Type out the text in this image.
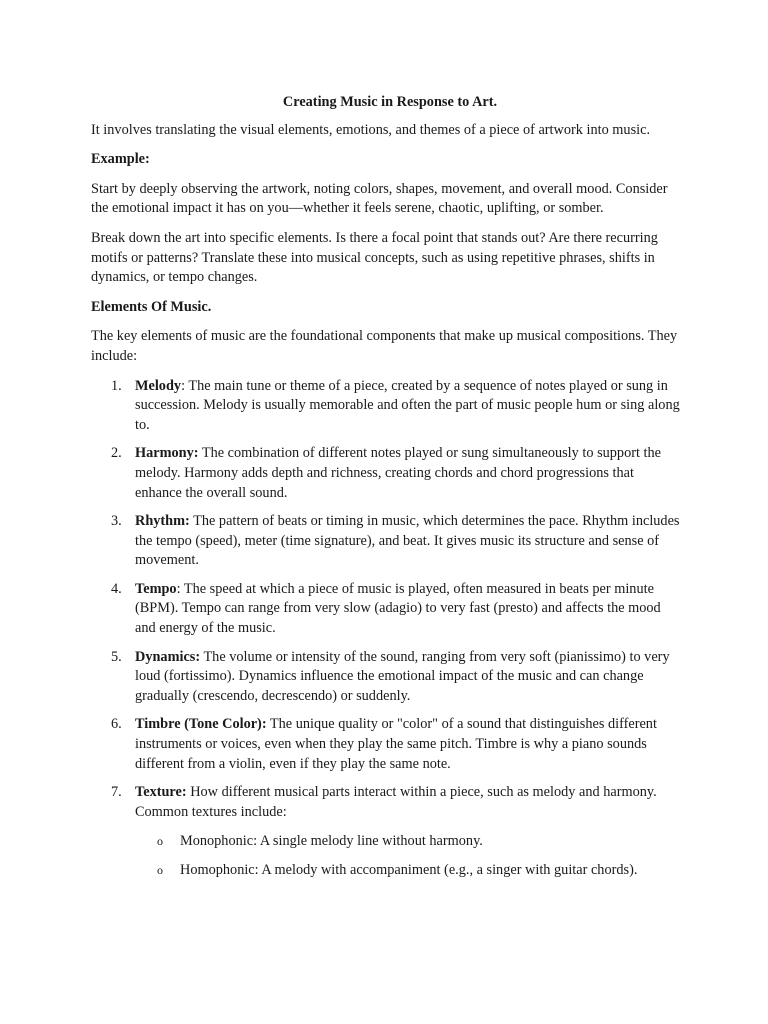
Creating Music in Response to Art.

It involves translating the visual elements, emotions, and themes of a piece of artwork into music.

Example:

Start by deeply observing the artwork, noting colors, shapes, movement, and overall mood. Consider the emotional impact it has on you—whether it feels serene, chaotic, uplifting, or somber.

Break down the art into specific elements. Is there a focal point that stands out? Are there recurring motifs or patterns? Translate these into musical concepts, such as using repetitive phrases, shifts in dynamics, or tempo changes.

Elements Of Music.

The key elements of music are the foundational components that make up musical compositions. They include:

1. Melody: The main tune or theme of a piece, created by a sequence of notes played or sung in succession. Melody is usually memorable and often the part of music people hum or sing along to.
2. Harmony: The combination of different notes played or sung simultaneously to support the melody. Harmony adds depth and richness, creating chords and chord progressions that enhance the overall sound.
3. Rhythm: The pattern of beats or timing in music, which determines the pace. Rhythm includes the tempo (speed), meter (time signature), and beat. It gives music its structure and sense of movement.
4. Tempo: The speed at which a piece of music is played, often measured in beats per minute (BPM). Tempo can range from very slow (adagio) to very fast (presto) and affects the mood and energy of the music.
5. Dynamics: The volume or intensity of the sound, ranging from very soft (pianissimo) to very loud (fortissimo). Dynamics influence the emotional impact of the music and can change gradually (crescendo, decrescendo) or suddenly.
6. Timbre (Tone Color): The unique quality or "color" of a sound that distinguishes different instruments or voices, even when they play the same pitch. Timbre is why a piano sounds different from a violin, even if they play the same note.
7. Texture: How different musical parts interact within a piece, such as melody and harmony. Common textures include:
o Monophonic: A single melody line without harmony.
o Homophonic: A melody with accompaniment (e.g., a singer with guitar chords).
